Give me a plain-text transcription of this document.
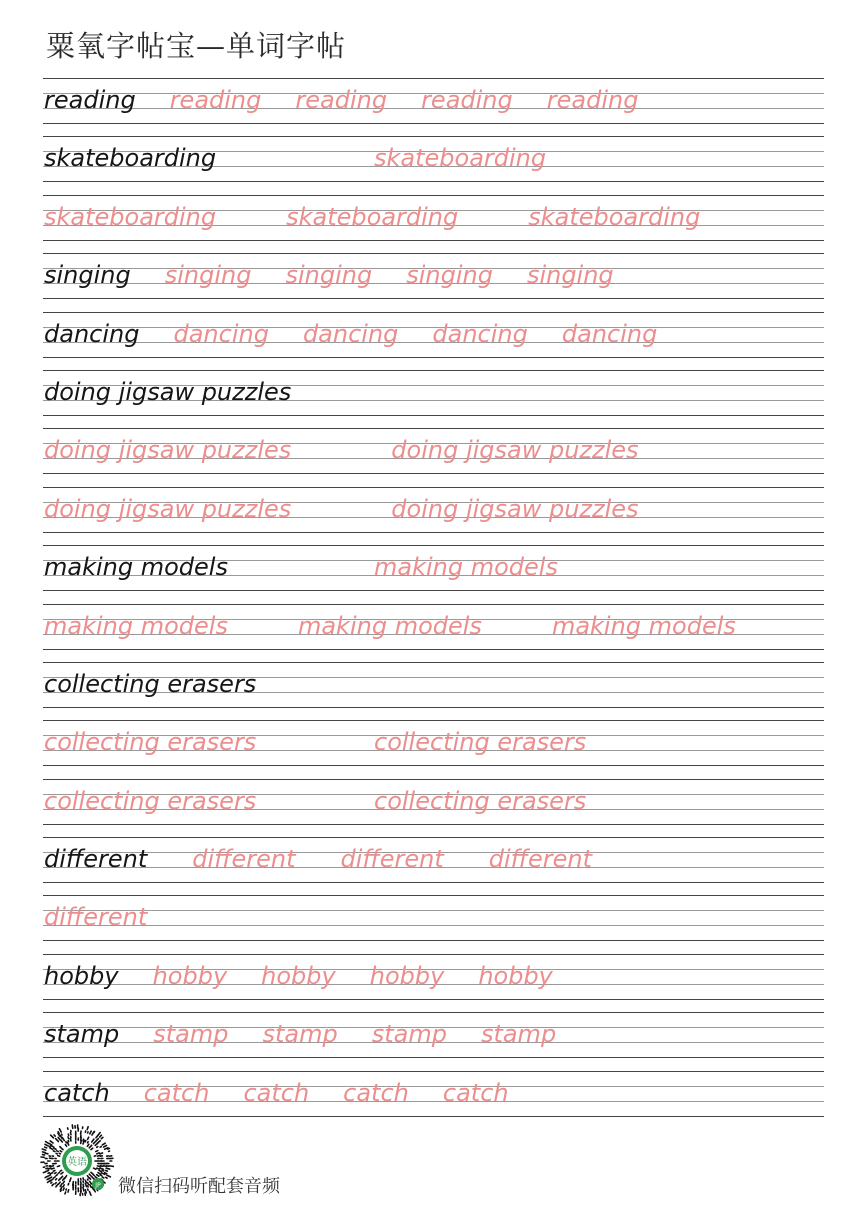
粟氧字帖宝—单词字帖
reading reading reading reading reading
skateboarding	skateboarding
skateboarding	skateboarding	skateboarding
singing singing singing singing singing
dancing dancing dancing dancing dancing
doing jigsaw puzzles
doing jigsaw puzzles	doing jigsaw puzzles
doing jigsaw puzzles	doing jigsaw puzzles
making models	making models
making models	making models	making models
collecting erasers
collecting erasers	collecting erasers
collecting erasers	collecting erasers
different different different different
different
hobby hobby hobby hobby hobby
stamp stamp stamp stamp stamp
catch catch catch catch catch
英语
JP 微信扫码听配套音频
